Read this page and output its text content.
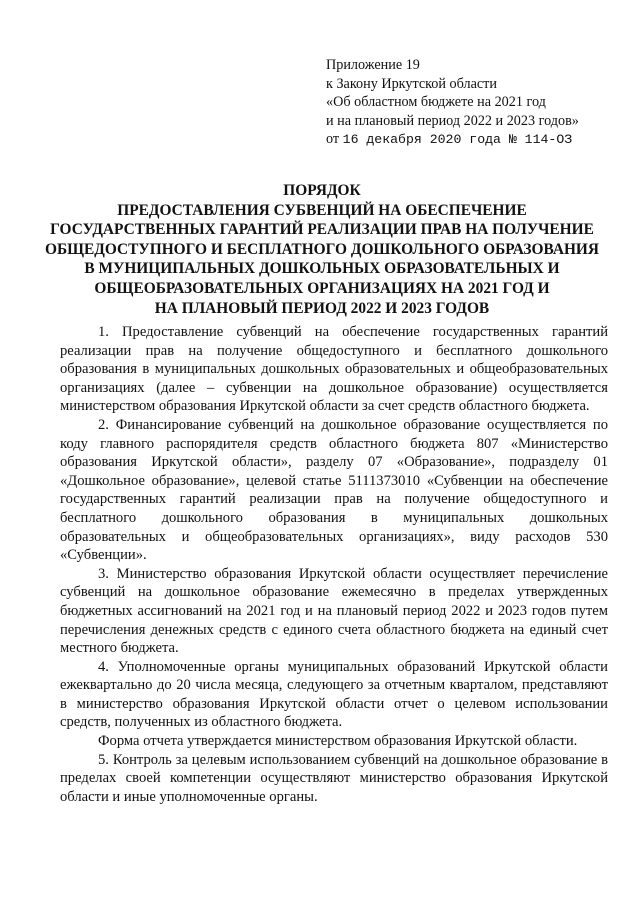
Приложение 19
к Закону Иркутской области
«Об областном бюджете на 2021 год
и на плановый период 2022 и 2023 годов»
от 16 декабря 2020 года № 114-ОЗ
ПОРЯДОК
ПРЕДОСТАВЛЕНИЯ СУБВЕНЦИЙ НА ОБЕСПЕЧЕНИЕ
ГОСУДАРСТВЕННЫХ ГАРАНТИЙ РЕАЛИЗАЦИИ ПРАВ НА ПОЛУЧЕНИЕ
ОБЩЕДОСТУПНОГО И БЕСПЛАТНОГО ДОШКОЛЬНОГО ОБРАЗОВАНИЯ
В МУНИЦИПАЛЬНЫХ ДОШКОЛЬНЫХ ОБРАЗОВАТЕЛЬНЫХ И
ОБЩЕОБРАЗОВАТЕЛЬНЫХ ОРГАНИЗАЦИЯХ НА 2021 ГОД И
НА ПЛАНОВЫЙ ПЕРИОД 2022 И 2023 ГОДОВ

1. Предоставление субвенций на обеспечение государственных гарантий реализации прав на получение общедоступного и бесплатного дошкольного образования в муниципальных дошкольных образовательных и общеобразовательных организациях (далее – субвенции на дошкольное образование) осуществляется министерством образования Иркутской области за счет средств областного бюджета.

2. Финансирование субвенций на дошкольное образование осуществляется по коду главного распорядителя средств областного бюджета 807 «Министерство образования Иркутской области», разделу 07 «Образование», подразделу 01 «Дошкольное образование», целевой статье 5111373010 «Субвенции на обеспечение государственных гарантий реализации прав на получение общедоступного и бесплатного дошкольного образования в муниципальных дошкольных образовательных и общеобразовательных организациях», виду расходов 530 «Субвенции».

3. Министерство образования Иркутской области осуществляет перечисление субвенций на дошкольное образование ежемесячно в пределах утвержденных бюджетных ассигнований на 2021 год и на плановый период 2022 и 2023 годов путем перечисления денежных средств с единого счета областного бюджета на единый счет местного бюджета.

4. Уполномоченные органы муниципальных образований Иркутской области ежеквартально до 20 числа месяца, следующего за отчетным кварталом, представляют в министерство образования Иркутской области отчет о целевом использовании средств, полученных из областного бюджета.

Форма отчета утверждается министерством образования Иркутской области.

5. Контроль за целевым использованием субвенций на дошкольное образование в пределах своей компетенции осуществляют министерство образования Иркутской области и иные уполномоченные органы.
